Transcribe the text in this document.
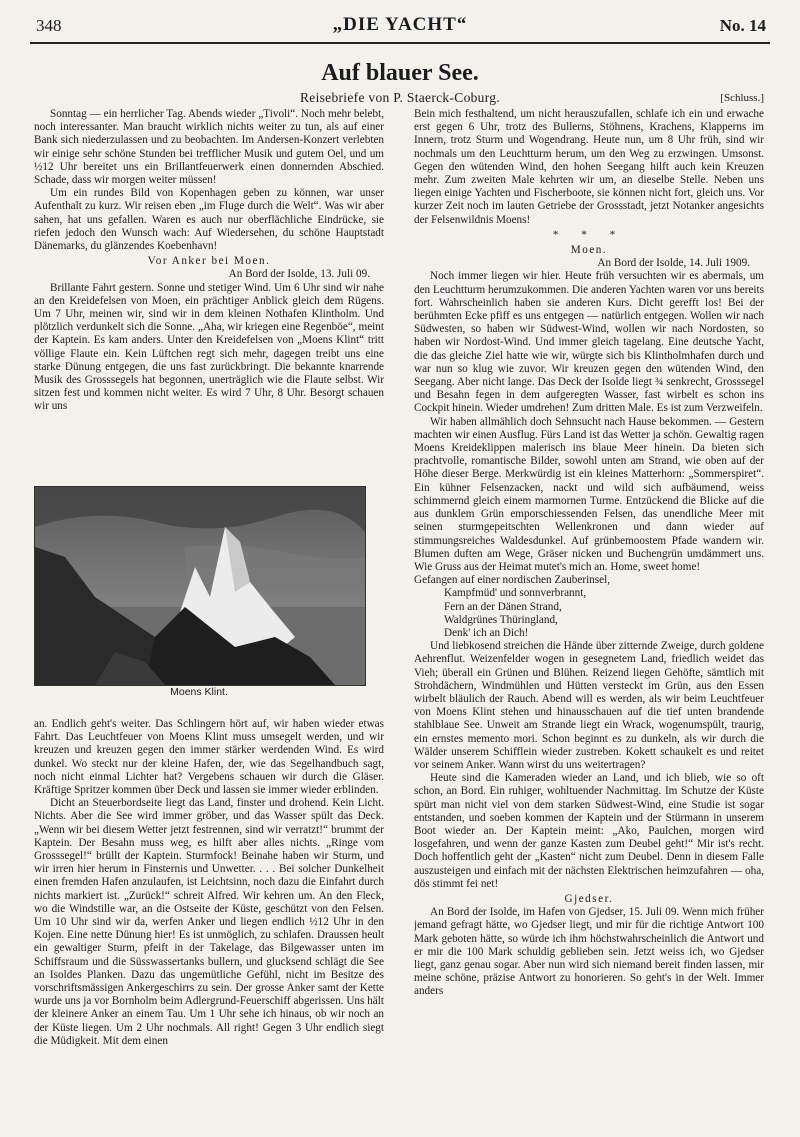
348	„DIE YACHT“	No. 14
Auf blauer See.
Reisebriefe von P. Staerck-Coburg.	[Schluss.]

Sonntag — ein herrlicher Tag. Abends wieder „Tivoli“. Noch mehr belebt, noch interessanter. Man braucht wirklich nichts weiter zu tun, als auf einer Bank sich niederzulassen und zu beobachten. Im Andersen-Konzert verlebten wir einige sehr schöne Stunden bei trefflicher Musik und gutem Oel, und um ½12 Uhr bereitet uns ein Brillantfeuerwerk einen donnernden Abschied. Schade, dass wir morgen weiter müssen!

Um ein rundes Bild von Kopenhagen geben zu können, war unser Aufenthalt zu kurz. Wir reisen eben „im Fluge durch die Welt“. Was wir aber sahen, hat uns gefallen. Waren es auch nur oberflächliche Eindrücke, sie riefen jedoch den Wunsch wach: Auf Wiedersehen, du schöne Hauptstadt Dänemarks, du glänzendes Koebenhavn!

Vor Anker bei Moen.

An Bord der Isolde, 13. Juli 09.

Brillante Fahrt gestern. Sonne und stetiger Wind. Um 6 Uhr sind wir nahe an den Kreidefelsen von Moen, ein prächtiger Anblick gleich dem Rügens. Um 7 Uhr, meinen wir, sind wir in dem kleinen Nothafen Klintholm. Und plötzlich verdunkelt sich die Sonne. „Aha, wir kriegen eine Regenböe“, meint der Kaptein. Es kam anders. Unter den Kreidefelsen von „Moens Klint“ tritt völlige Flaute ein. Kein Lüftchen regt sich mehr, dagegen treibt uns eine starke Dünung entgegen, die uns fast zurückbringt. Die bekannte knarrende Musik des Grosssegels hat begonnen, unerträglich wie die Flaute selbst. Wir sitzen fest und kommen nicht weiter. Es wird 7 Uhr, 8 Uhr. Besorgt schauen wir uns

Moens Klint.

an. Endlich geht's weiter. Das Schlingern hört auf, wir haben wieder etwas Fahrt. Das Leuchtfeuer von Moens Klint muss umsegelt werden, und wir kreuzen und kreuzen gegen den immer stärker werdenden Wind. Es wird dunkel. Wo steckt nur der kleine Hafen, der, wie das Segelhandbuch sagt, noch nicht einmal Lichter hat? Vergebens schauen wir durch die Gläser. Kräftige Spritzer kommen über Deck und lassen sie immer wieder erblinden.

Dicht an Steuerbordseite liegt das Land, finster und drohend. Kein Licht. Nichts. Aber die See wird immer gröber, und das Wasser spült das Deck. „Wenn wir bei diesem Wetter jetzt festrennen, sind wir verratzt!“ brummt der Kaptein. Der Besahn muss weg, es hilft aber alles nichts. „Ringe vom Grosssegel!“ brüllt der Kaptein. Sturmfock! Beinahe haben wir Sturm, und wir irren hier herum in Finsternis und Unwetter. . . . Bei solcher Dunkelheit einen fremden Hafen anzulaufen, ist Leichtsinn, noch dazu die Einfahrt durch nichts markiert ist. „Zurück!“ schreit Alfred. Wir kehren um. An den Fleck, wo die Windstille war, an die Ostseite der Küste, geschützt von den Felsen. Um 10 Uhr sind wir da, werfen Anker und liegen endlich ½12 Uhr in den Kojen. Eine nette Dünung hier! Es ist unmöglich, zu schlafen. Draussen heult ein gewaltiger Sturm, pfeift in der Takelage, das Bilgewasser unten im Schiffsraum und die Süsswassertanks bullern, und glucksend schlägt die See an Isoldes Planken. Dazu das ungemütliche Gefühl, nicht im Besitze des vorschriftsmässigen Ankergeschirrs zu sein. Der grosse Anker samt der Kette wurde uns ja vor Bornholm beim Adlergrund-Feuerschiff abgerissen. Uns hält der kleinere Anker an einem Tau. Um 1 Uhr sehe ich hinaus, ob wir noch an der Küste liegen. Um 2 Uhr nochmals. All right! Gegen 3 Uhr endlich siegt die Müdigkeit. Mit dem einen

Bein mich festhaltend, um nicht herauszufallen, schlafe ich ein und erwache erst gegen 6 Uhr, trotz des Bullerns, Stöhnens, Krachens, Klapperns im Innern, trotz Sturm und Wogendrang. Heute nun, um 8 Uhr früh, sind wir nochmals um den Leuchtturm herum, um den Weg zu erzwingen. Umsonst. Gegen den wütenden Wind, den hohen Seegang hilft auch kein Kreuzen mehr. Zum zweiten Male kehrten wir um, an dieselbe Stelle. Neben uns liegen einige Yachten und Fischerboote, sie können nicht fort, gleich uns. Vor kurzer Zeit noch im lauten Getriebe der Grossstadt, jetzt Notanker angesichts der Felsenwildnis Moens!

* * *

Moen.

An Bord der Isolde, 14. Juli 1909.

Noch immer liegen wir hier. Heute früh versuchten wir es abermals, um den Leuchtturm herumzukommen. Die anderen Yachten waren vor uns bereits fort. Wahrscheinlich haben sie anderen Kurs. Dicht gerefft los! Bei der berühmten Ecke pfiff es uns entgegen — natürlich entgegen. Wollen wir nach Südwesten, so haben wir Südwest-Wind, wollen wir nach Nordosten, so haben wir Nordost-Wind. Und immer gleich tagelang. Eine deutsche Yacht, die das gleiche Ziel hatte wie wir, würgte sich bis Klintholmhafen durch und war nun so klug wie zuvor. Wir kreuzen gegen den wütenden Wind, den Seegang. Aber nicht lange. Das Deck der Isolde liegt ¾ senkrecht, Grosssegel und Besahn fegen in dem aufgeregten Wasser, fast wirbelt es schon ins Cockpit hinein. Wieder umdrehen! Zum dritten Male. Es ist zum Verzweifeln.

Wir haben allmählich doch Sehnsucht nach Hause bekommen. — Gestern machten wir einen Ausflug. Fürs Land ist das Wetter ja schön. Gewaltig ragen Moens Kreideklippen malerisch ins blaue Meer hinein. Da bieten sich prachtvolle, romantische Bilder, sowohl unten am Strand, wie oben auf der Höhe dieser Berge. Merkwürdig ist ein kleines Matterhorn: „Sommerspiret“. Ein kühner Felsenzacken, nackt und wild sich aufbäumend, weiss schimmernd gleich einem marmornen Turme. Entzückend die Blicke auf die aus dunklem Grün emporschiessenden Felsen, das unendliche Meer mit seinen sturmgepeitschten Wellenkronen und dann wieder auf stimmungsreiches Waldesdunkel. Auf grünbemoostem Pfade wandern wir. Blumen duften am Wege, Gräser nicken und Buchengrün umdämmert uns. Wie Gruss aus der Heimat mutet's mich an. Home, sweet home!

Gefangen auf einer nordischen Zauberinsel,
Kampfmüd' und sonnverbrannt,
Fern an der Dänen Strand,
Waldgrünes Thüringland,
Denk' ich an Dich!

Und liebkosend streichen die Hände über zitternde Zweige, durch goldene Aehrenflut. Weizenfelder wogen in gesegnetem Land, friedlich weidet das Vieh; überall ein Grünen und Blühen. Reizend liegen Gehöfte, sämtlich mit Strohdächern, Windmühlen und Hütten versteckt im Grün, aus den Essen wirbelt bläulich der Rauch. Abend will es werden, als wir beim Leuchtfeuer von Moens Klint stehen und hinausschauen auf die tief unten brandende stahlblaue See. Unweit am Strande liegt ein Wrack, wogenumspült, traurig, ein ernstes memento mori. Schon beginnt es zu dunkeln, als wir durch die Wälder unserem Schifflein wieder zustreben. Kokett schaukelt es und reitet vor seinem Anker. Wann wirst du uns weitertragen?

Heute sind die Kameraden wieder an Land, und ich blieb, wie so oft schon, an Bord. Ein ruhiger, wohltuender Nachmittag. Im Schutze der Küste spürt man nicht viel von dem starken Südwest-Wind, eine Studie ist sogar entstanden, und soeben kommen der Kaptein und der Stürmann in unserem Boot wieder an. Der Kaptein meint: „Ako, Paulchen, morgen wird losgefahren, und wenn der ganze Kasten zum Deubel geht!“ Mir ist's recht. Doch hoffentlich geht der „Kasten“ nicht zum Deubel. Denn in diesem Falle auszusteigen und einfach mit der nächsten Elektrischen heimzufahren — oha, dös stimmt fei net!

Gjedser.

An Bord der Isolde, im Hafen von Gjedser, 15. Juli 09. Wenn mich früher jemand gefragt hätte, wo Gjedser liegt, und mir für die richtige Antwort 100 Mark geboten hätte, so würde ich ihm höchstwahrscheinlich die Antwort und er mir die 100 Mark schuldig geblieben sein. Jetzt weiss ich, wo Gjedser liegt, ganz genau sogar. Aber nun wird sich niemand bereit finden lassen, mir meine schöne, präzise Antwort zu honorieren. So geht's in der Welt. Immer anders
